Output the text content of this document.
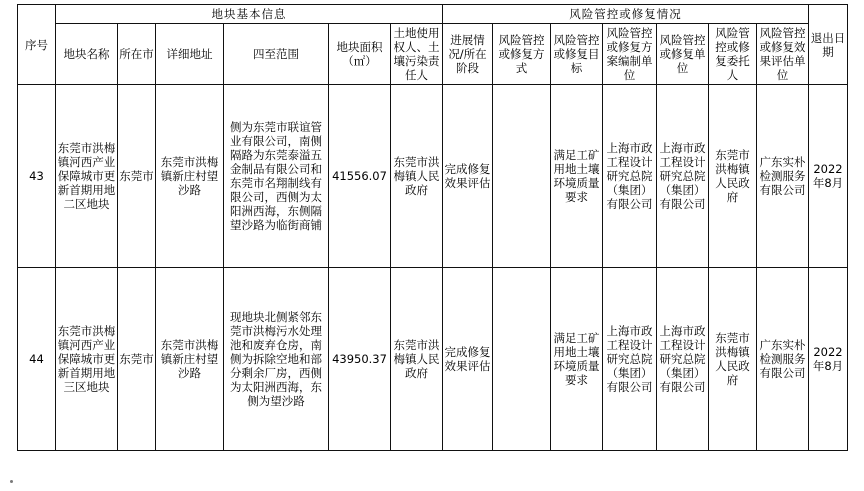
序号	地块基本信息						风险管控或修复情况							退出日期

	地块名称	所在市	详细地址	四至范围	地块面积（㎡）	土地使用权人、土壤污染责任人	进展情况/所在阶段	风险管控或修复方式	风险管控或修复目标	风险管控或修复方案编制单位	风险管控或修复单位	风险管控或修复委托人	风险管控或修复效果评估单位	

43	东莞市洪梅镇河西产业保障城市更新首期用地二区地块	东莞市	东莞市洪梅镇新庄村望沙路	侧为东莞市联谊管业有限公司，南侧隔路为东莞泰溢五金制品有限公司和东莞市名翔制线有限公司，西侧为太阳洲西海，东侧隔望沙路为临街商铺	41556.07	东莞市洪梅镇人民政府	完成修复效果评估		满足工矿用地土壤环境质量要求	上海市政工程设计研究总院（集团）有限公司	上海市政工程设计研究总院（集团）有限公司	东莞市洪梅镇人民政府	广东实朴检测服务有限公司	2022年8月

44	东莞市洪梅镇河西产业保障城市更新首期用地三区地块	东莞市	东莞市洪梅镇新庄村望沙路	现地块北侧紧邻东莞市洪梅污水处理池和废弃仓房，南侧为拆除空地和部分剩余厂房，西侧为太阳洲西海，东侧为望沙路	43950.37	东莞市洪梅镇人民政府	完成修复效果评估		满足工矿用地土壤环境质量要求	上海市政工程设计研究总院（集团）有限公司	上海市政工程设计研究总院（集团）有限公司	东莞市洪梅镇人民政府	广东实朴检测服务有限公司	2022年8月
